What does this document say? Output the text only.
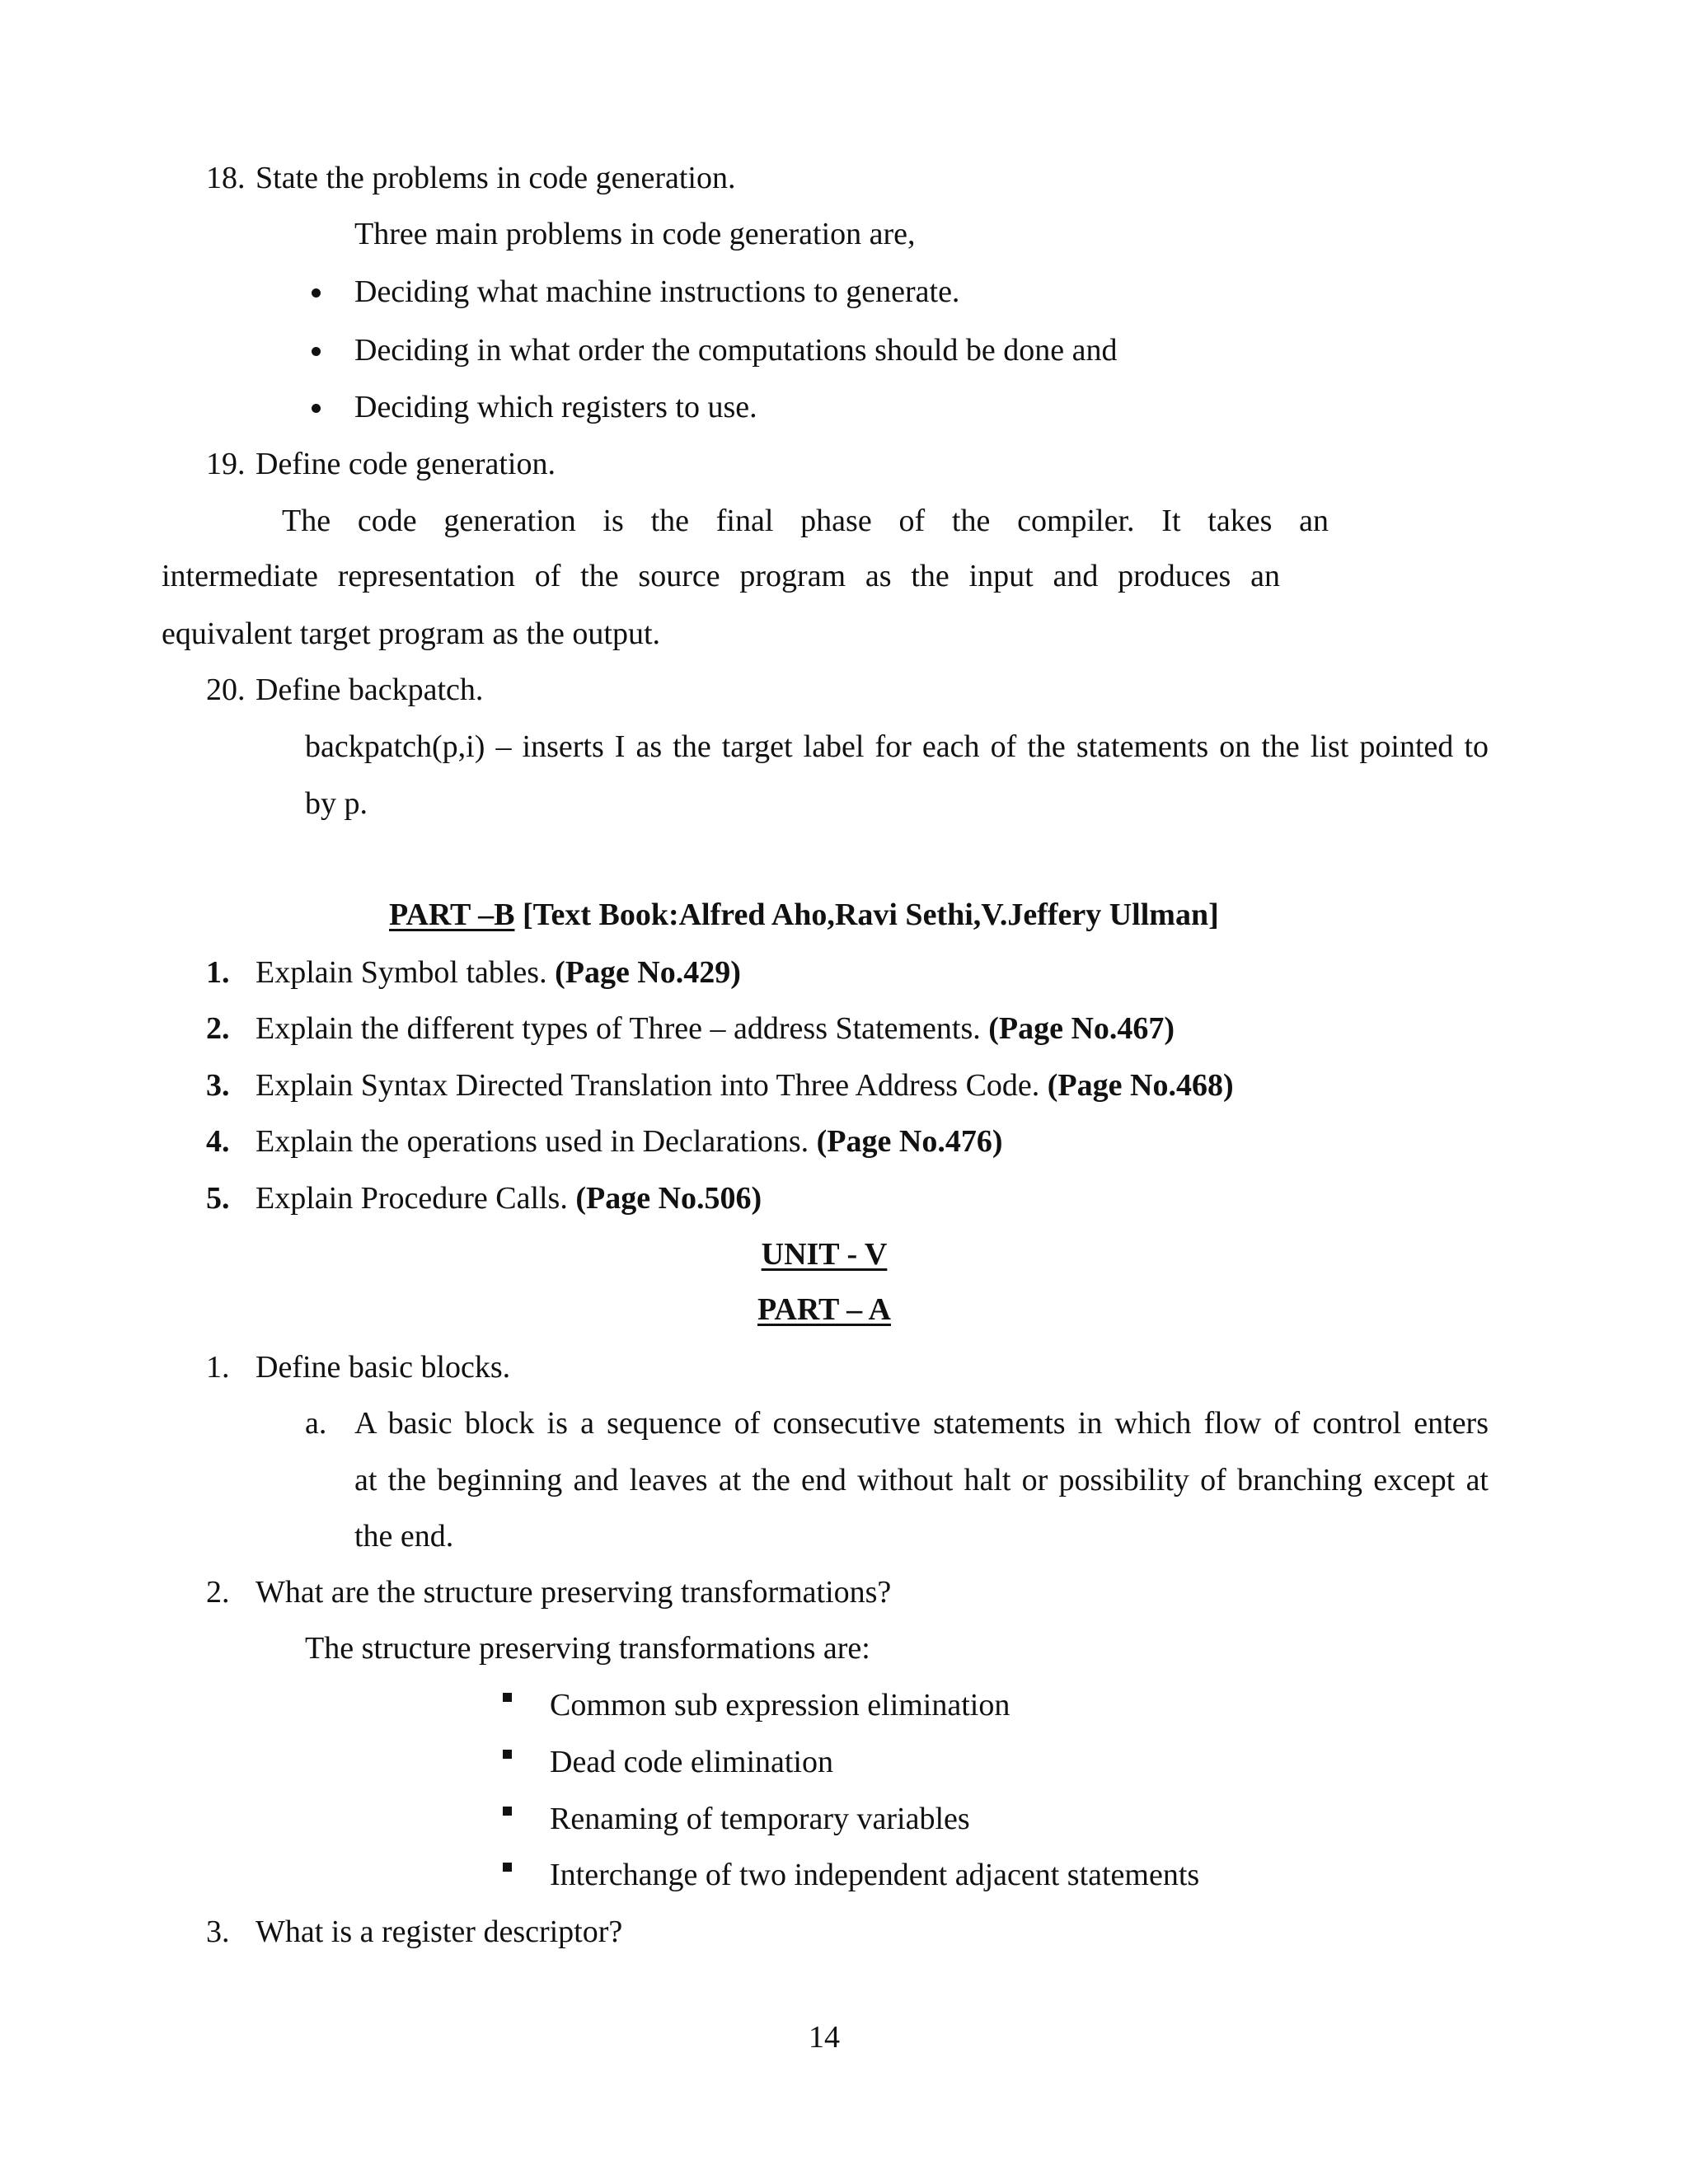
18. State the problems in code generation.
Three main problems in code generation are,
Deciding what machine instructions to generate.
Deciding in what order the computations should be done and
Deciding which registers to use.
19. Define code generation.
The code generation is the final phase of the compiler. It takes an
intermediate representation of the source program as the input and produces an
equivalent target program as the output.
20. Define backpatch.
backpatch(p,i) – inserts I as the target label for each of the statements on the list pointed to
by p.
PART –B [Text Book:Alfred Aho,Ravi Sethi,V.Jeffery Ullman]
1. Explain Symbol tables. (Page No.429)
2. Explain the different types of Three – address Statements. (Page No.467)
3. Explain Syntax Directed Translation into Three Address Code. (Page No.468)
4. Explain the operations used in Declarations. (Page No.476)
5. Explain Procedure Calls. (Page No.506)
UNIT - V
PART – A
1. Define basic blocks.
a. A basic block is a sequence of consecutive statements in which flow of control enters
at the beginning and leaves at the end without halt or possibility of branching except at
the end.
2. What are the structure preserving transformations?
The structure preserving transformations are:
Common sub expression elimination
Dead code elimination
Renaming of temporary variables
Interchange of two independent adjacent statements
3. What is a register descriptor?
14
